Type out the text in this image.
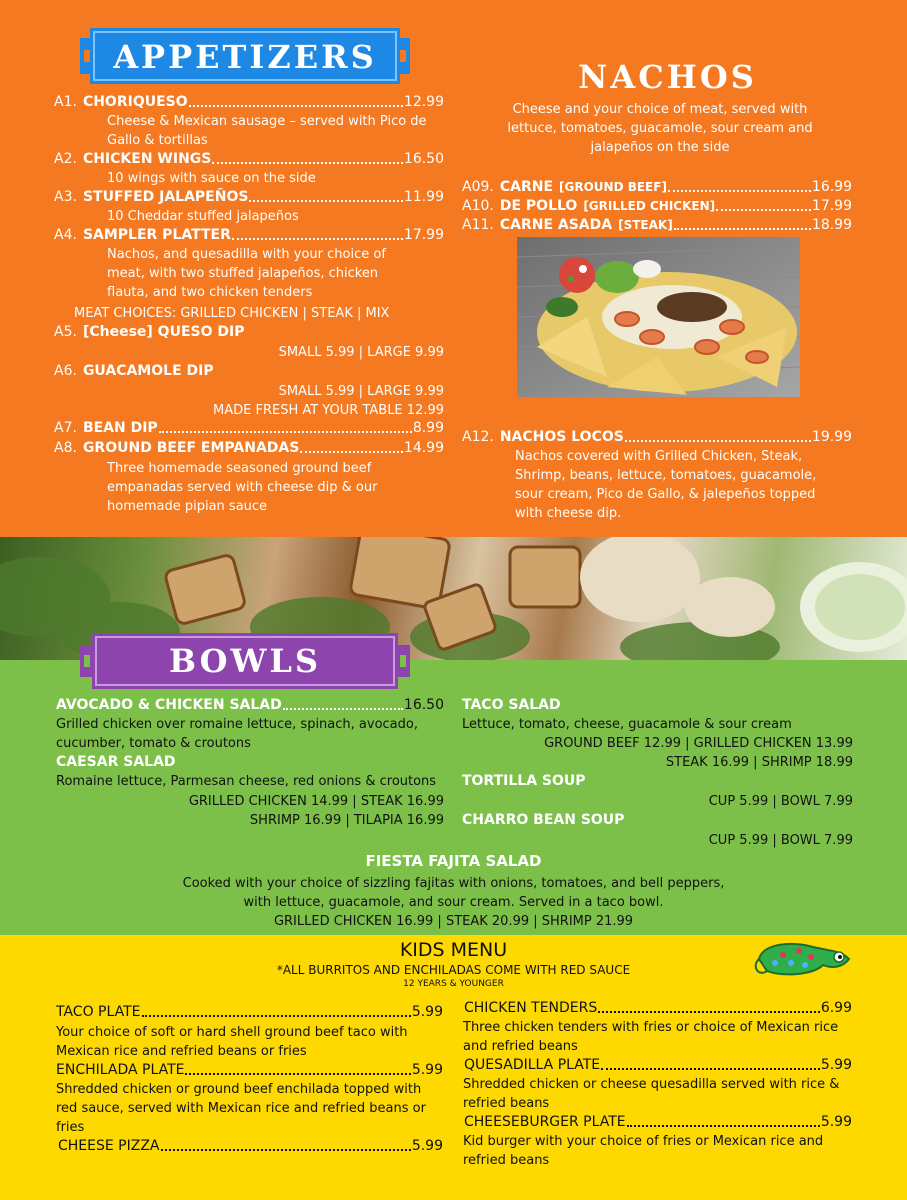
APPETIZERS
A1. CHORIQUESO	12.99
Cheese & Mexican sausage – served with Pico de Gallo & tortillas
A2. CHICKEN WINGS	16.50
10 wings with sauce on the side
A3. STUFFED JALAPEÑOS	11.99
10 Cheddar stuffed jalapeños
A4. SAMPLER PLATTER	17.99
Nachos, and quesadilla with your choice of meat, with two stuffed jalapeños, chicken flauta, and two chicken tenders
MEAT CHOICES: GRILLED CHICKEN | STEAK | MIX
A5. [Cheese] QUESO DIP
SMALL 5.99 | LARGE 9.99
A6. GUACAMOLE DIP
SMALL 5.99 | LARGE 9.99
MADE FRESH AT YOUR TABLE 12.99
A7. BEAN DIP	8.99
A8. GROUND BEEF EMPANADAS	14.99
Three homemade seasoned ground beef empanadas served with cheese dip & our homemade pipian sauce
NACHOS
Cheese and your choice of meat, served with lettuce, tomatoes, guacamole, sour cream and jalapeños on the side
A09. CARNE [GROUND BEEF]	16.99
A10. DE POLLO [GRILLED CHICKEN]	17.99
A11. CARNE ASADA [STEAK]	18.99
A12. NACHOS LOCOS	19.99
Nachos covered with Grilled Chicken, Steak, Shrimp, beans, lettuce, tomatoes, guacamole, sour cream, Pico de Gallo, & jalepeños topped with cheese dip.
BOWLS
AVOCADO & CHICKEN SALAD	16.50
Grilled chicken over romaine lettuce, spinach, avocado, cucumber, tomato & croutons
CAESAR SALAD
Romaine lettuce, Parmesan cheese, red onions & croutons
GRILLED CHICKEN 14.99 | STEAK 16.99
SHRIMP 16.99 | TILAPIA 16.99
TACO SALAD
Lettuce, tomato, cheese, guacamole & sour cream
GROUND BEEF 12.99 | GRILLED CHICKEN 13.99
STEAK 16.99 | SHRIMP 18.99
TORTILLA SOUP
CUP 5.99 | BOWL 7.99
CHARRO BEAN SOUP
CUP 5.99 | BOWL 7.99
FIESTA FAJITA SALAD
Cooked with your choice of sizzling fajitas with onions, tomatoes, and bell peppers,
with lettuce, guacamole, and sour cream. Served in a taco bowl.
GRILLED CHICKEN 16.99 | STEAK 20.99 | SHRIMP 21.99
KIDS MENU
*ALL BURRITOS AND ENCHILADAS COME WITH RED SAUCE
12 YEARS & YOUNGER
TACO PLATE	5.99
Your choice of soft or hard shell ground beef taco with Mexican rice and refried beans or fries
ENCHILADA PLATE	5.99
Shredded chicken or ground beef enchilada topped with red sauce, served with Mexican rice and refried beans or fries
CHEESE PIZZA	5.99
CHICKEN TENDERS	6.99
Three chicken tenders with fries or choice of Mexican rice and refried beans
QUESADILLA PLATE	5.99
Shredded chicken or cheese quesadilla served with rice & refried beans
CHEESEBURGER PLATE	5.99
Kid burger with your choice of fries or Mexican rice and refried beans
